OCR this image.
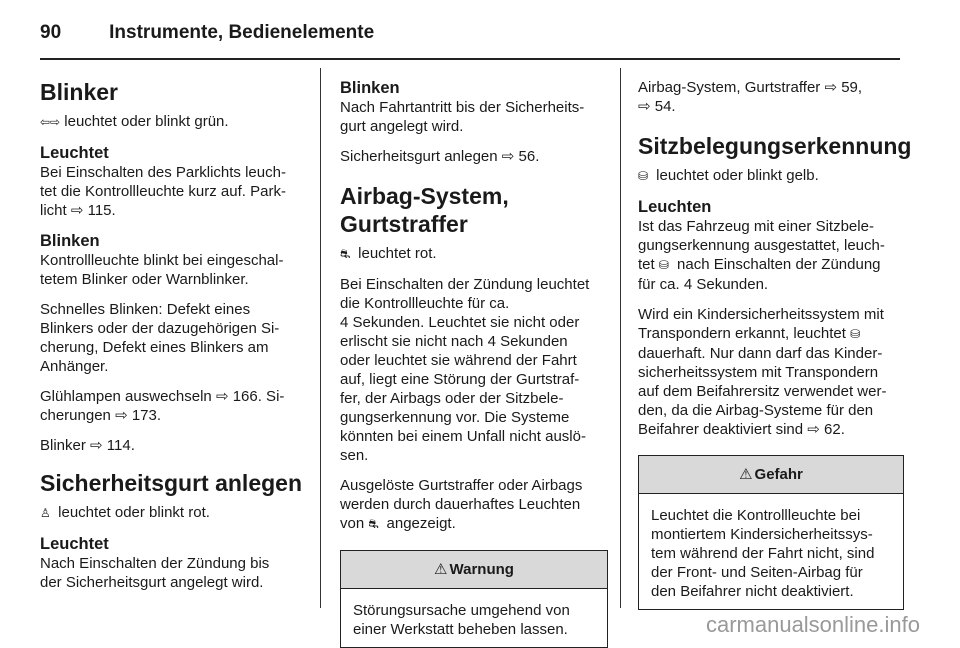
90	Instrumente, Bedienelemente
Blinker

⇦⇨ leuchtet oder blinkt grün.

Leuchtet

Bei Einschalten des Parklichts leuch-
tet die Kontrollleuchte kurz auf. Park-
licht ⇨ 115.

Blinken

Kontrollleuchte blinkt bei eingeschal-
tetem Blinker oder Warnblinker.

Schnelles Blinken: Defekt eines
Blinkers oder der dazugehörigen Si-
cherung, Defekt eines Blinkers am
Anhänger.

Glühlampen auswechseln ⇨ 166. Si-
cherungen ⇨ 173.

Blinker ⇨ 114.

Sicherheitsgurt anlegen

♙ leuchtet oder blinkt rot.

Leuchtet

Nach Einschalten der Zündung bis
der Sicherheitsgurt angelegt wird.

Blinken

Nach Fahrtantritt bis der Sicherheits-
gurt angelegt wird.

Sicherheitsgurt anlegen ⇨ 56.

Airbag-System,
Gurtstraffer

⛐ leuchtet rot.

Bei Einschalten der Zündung leuchtet
die Kontrollleuchte für ca.
4 Sekunden. Leuchtet sie nicht oder
erlischt sie nicht nach 4 Sekunden
oder leuchtet sie während der Fahrt
auf, liegt eine Störung der Gurtstraf-
fer, der Airbags oder der Sitzbele-
gungserkennung vor. Die Systeme
könnten bei einem Unfall nicht auslö-
sen.

Ausgelöste Gurtstraffer oder Airbags
werden durch dauerhaftes Leuchten
von ⛐ angezeigt.

⚠ Warnung
Störungsursache umgehend von
einer Werkstatt beheben lassen.

Airbag-System, Gurtstraffer ⇨ 59,
⇨ 54.

Sitzbelegungserkennung

⛁ leuchtet oder blinkt gelb.

Leuchten

Ist das Fahrzeug mit einer Sitzbele-
gungserkennung ausgestattet, leuch-
tet ⛁ nach Einschalten der Zündung
für ca. 4 Sekunden.

Wird ein Kindersicherheitssystem mit
Transpondern erkannt, leuchtet ⛁
dauerhaft. Nur dann darf das Kinder-
sicherheitssystem mit Transpondern
auf dem Beifahrersitz verwendet wer-
den, da die Airbag-Systeme für den
Beifahrer deaktiviert sind ⇨ 62.

⚠ Gefahr
Leuchtet die Kontrollleuchte bei
montiertem Kindersicherheitssys-
tem während der Fahrt nicht, sind
der Front- und Seiten-Airbag für
den Beifahrer nicht deaktiviert.
carmanualsonline.info
